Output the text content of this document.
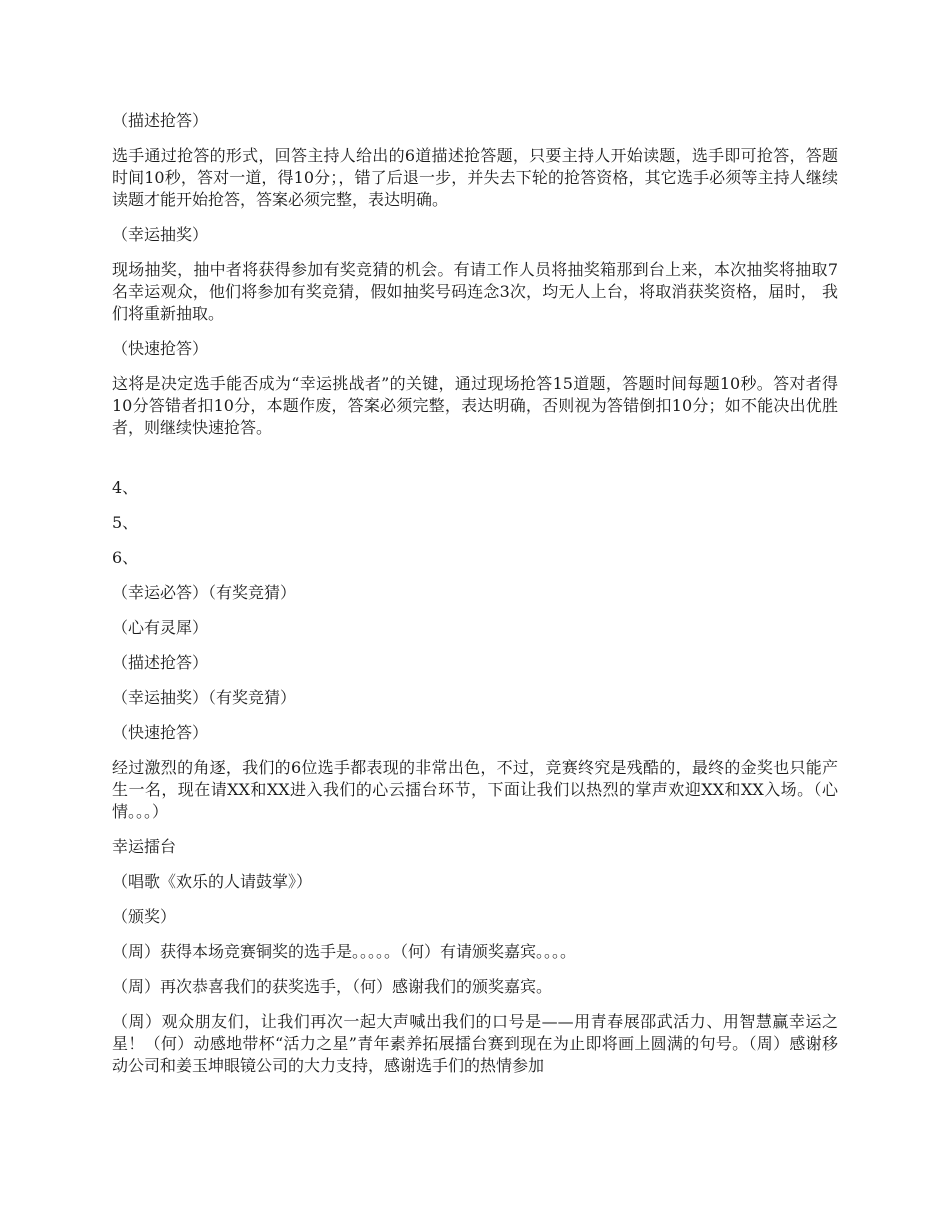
（描述抢答）

选手通过抢答的形式，回答主持人给出的6道描述抢答题，只要主持人开始读题，选手即可抢答，答题时间10秒，答对一道，得10分；，错了后退一步，并失去下轮的抢答资格，其它选手必须等主持人继续读题才能开始抢答，答案必须完整，表达明确。

（幸运抽奖）

现场抽奖，抽中者将获得参加有奖竞猜的机会。有请工作人员将抽奖箱那到台上来，本次抽奖将抽取7名幸运观众，他们将参加有奖竞猜，假如抽奖号码连念3次，均无人上台，将取消获奖资格，届时， 我们将重新抽取。

（快速抢答）

这将是决定选手能否成为“幸运挑战者”的关键，通过现场抢答15道题，答题时间每题10秒。答对者得10分答错者扣10分，本题作废，答案必须完整，表达明确，否则视为答错倒扣10分；如不能决出优胜者，则继续快速抢答。

4、

5、

6、

（幸运必答）（有奖竞猜）

（心有灵犀）

（描述抢答）

（幸运抽奖）（有奖竞猜）

（快速抢答）

经过激烈的角逐，我们的6位选手都表现的非常出色，不过，竞赛终究是残酷的，最终的金奖也只能产生一名，现在请XX和XX进入我们的心云擂台环节，下面让我们以热烈的掌声欢迎XX和XX入场。（心情。。。）

幸运擂台

（唱歌《欢乐的人请鼓掌》）

（颁奖）

（周）获得本场竞赛铜奖的选手是。。。。。（何）有请颁奖嘉宾。。。。

（周）再次恭喜我们的获奖选手，（何）感谢我们的颁奖嘉宾。

（周）观众朋友们，让我们再次一起大声喊出我们的口号是——用青春展邵武活力、用智慧赢幸运之星！（何）动感地带杯“活力之星”青年素养拓展擂台赛到现在为止即将画上圆满的句号。（周）感谢移动公司和姜玉坤眼镜公司的大力支持，感谢选手们的热情参加
